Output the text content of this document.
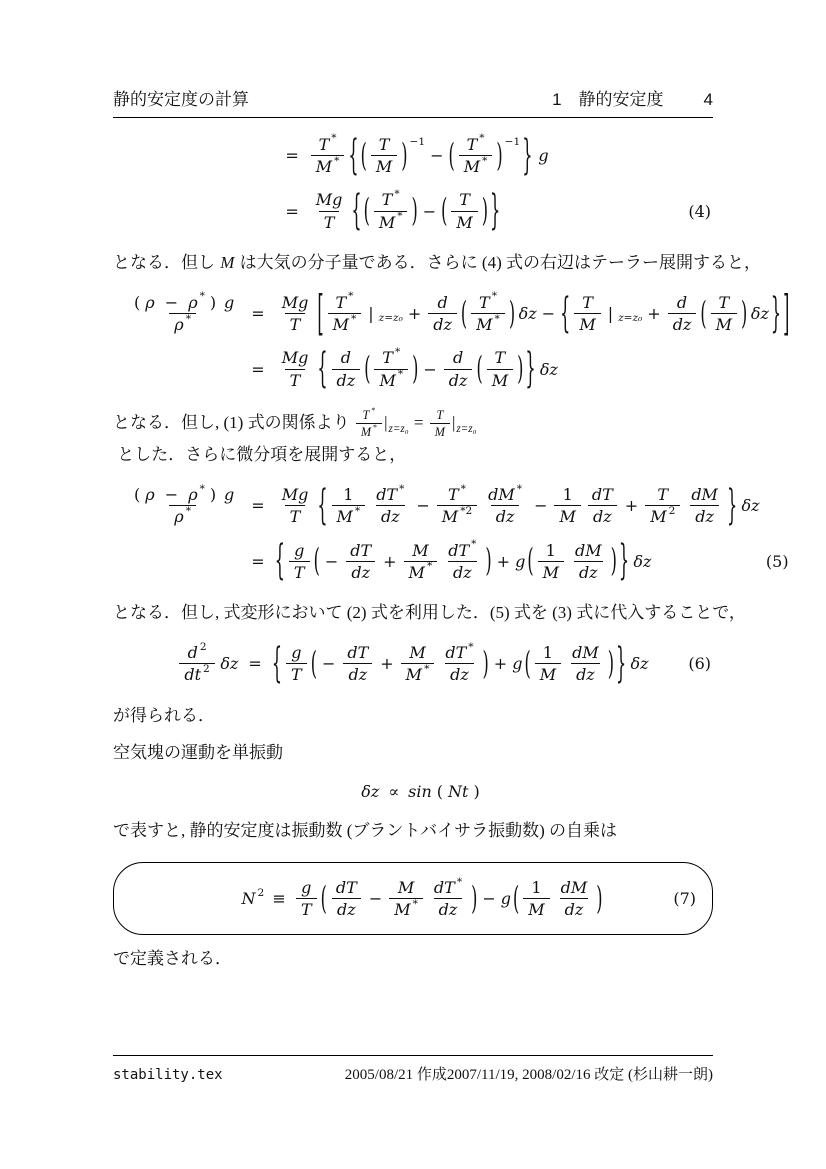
静的安定度の計算	1　静的安定度 4
= $\frac{T *}{M *}$ { ( $\frac{T}{M}$ ) −1
− ( $\frac{T *}{M *}$ ) −1 } g
= $\frac{Mg}{T}$ { ( $\frac{T *}{M *}$ ) − ( $\frac{T}{M}$ ) }	(4)

となる．但し M は大気の分子量である．さらに (4) 式の右辺はテーラー展開すると，

$\frac{( \rho - \rho * ) g}{\rho *} = \frac{Mg}{T}$ [ $\frac{T *}{M *}$ | $z=z_0 + \frac{d}{dz}$ ( $\frac{T *}{M *}$ ) δz − { $\frac{T}{M}$ | $z=z_0 + \frac{d}{dz}$ ( $\frac{T}{M}$ ) δz } ]
= $\frac{Mg}{T}$ { $\frac{d}{dz}$ ( $\frac{T *}{M *}$ ) − $\frac{d}{dz}$ ( $\frac{T}{M}$ ) } δz

となる．但し, (1) 式の関係より $\frac{T *}{M *} |_{z=z_0} = \frac{T}{M} |_{z=z_0}$ とした．さらに微分項を展開すると，

$\frac{( \rho - \rho * ) g}{\rho *} = \frac{Mg}{T}$ { $\frac{1}{M *} \frac{dT *}{dz} - \frac{T *}{M *2} \frac{dM *}{dz} - \frac{1}{M} \frac{dT}{dz} + \frac{T}{M 2} \frac{dM}{dz}$ } δz
= { $\frac{g}{T}$ ( − $\frac{dT}{dz} + \frac{M}{M *} \frac{dT *}{dz}$ ) + g ( $\frac{1}{M} \frac{dM}{dz}$ ) } δz	(5)

となる．但し, 式変形において (2) 式を利用した．(5) 式を (3) 式に代入することで，

$\frac{d 2}{dt 2}$ δz = { $\frac{g}{T}$ ( − $\frac{dT}{dz} + \frac{M}{M *} \frac{dT *}{dz}$ ) + g ( $\frac{1}{M} \frac{dM}{dz}$ ) } δz (6)

が得られる．

空気塊の運動を単振動

δz ∝ sin ( Nt )

で表すと, 静的安定度は振動数 (ブラントバイサラ振動数) の自乗は

N $2 \equiv \frac{g}{T}$ ( $\frac{dT}{dz} - \frac{M}{M *} \frac{dT *}{dz}$ ) − g ( $\frac{1}{M} \frac{dM}{dz}$ )	(7)

で定義される．

stability.tex	2005/08/21 作成2007/11/19, 2008/02/16 改定 (杉山耕一朗)
